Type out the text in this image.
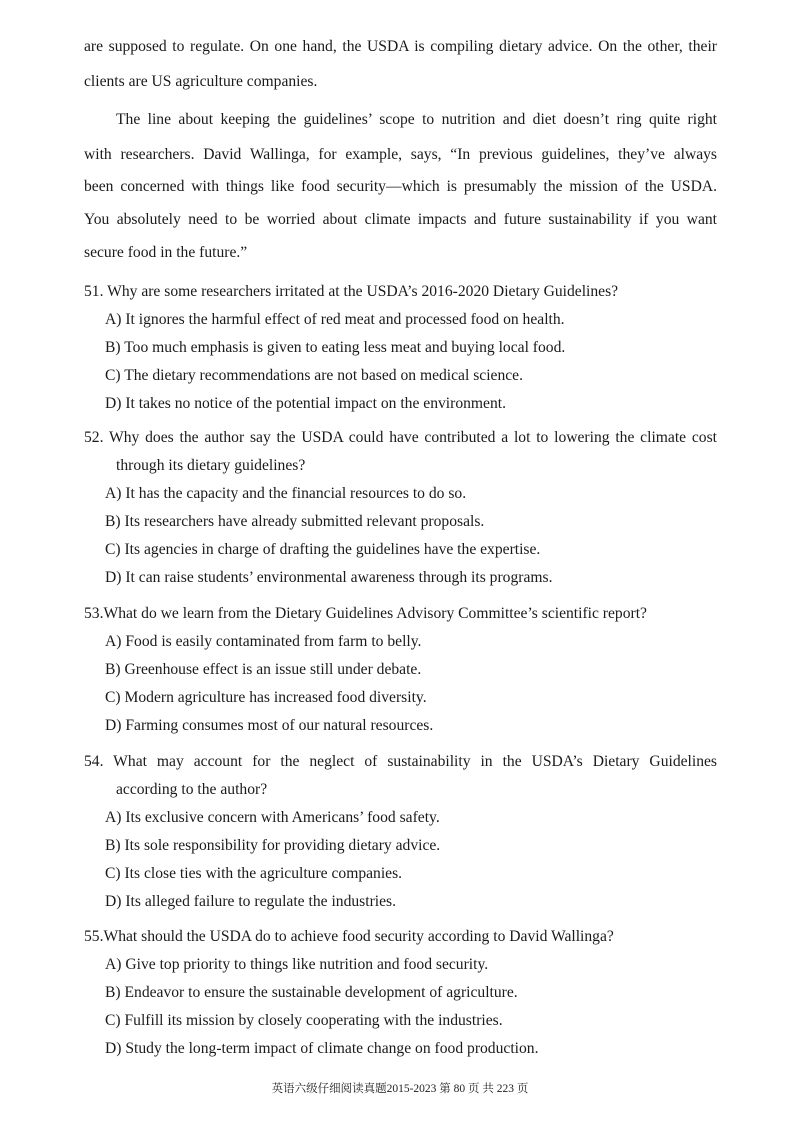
are supposed to regulate. On one hand, the USDA is compiling dietary advice. On the other, their
clients are US agriculture companies.
The line about keeping the guidelines’ scope to nutrition and diet doesn’t ring quite right
with researchers. David Wallinga, for example, says, “In previous guidelines, they’ve always
been concerned with things like food security—which is presumably the mission of the USDA.
You absolutely need to be worried about climate impacts and future sustainability if you want
secure food in the future.”
51. Why are some researchers irritated at the USDA’s 2016-2020 Dietary Guidelines?
A) It ignores the harmful effect of red meat and processed food on health.
B) Too much emphasis is given to eating less meat and buying local food.
C) The dietary recommendations are not based on medical science.
D) It takes no notice of the potential impact on the environment.
52. Why does the author say the USDA could have contributed a lot to lowering the climate cost
through its dietary guidelines?
A) It has the capacity and the financial resources to do so.
B) Its researchers have already submitted relevant proposals.
C) Its agencies in charge of drafting the guidelines have the expertise.
D) It can raise students’ environmental awareness through its programs.
53.What do we learn from the Dietary Guidelines Advisory Committee’s scientific report?
A) Food is easily contaminated from farm to belly.
B) Greenhouse effect is an issue still under debate.
C) Modern agriculture has increased food diversity.
D) Farming consumes most of our natural resources.
54. What may account for the neglect of sustainability in the USDA’s Dietary Guidelines
according to the author?
A) Its exclusive concern with Americans’ food safety.
B) Its sole responsibility for providing dietary advice.
C) Its close ties with the agriculture companies.
D) Its alleged failure to regulate the industries.
55.What should the USDA do to achieve food security according to David Wallinga?
A) Give top priority to things like nutrition and food security.
B) Endeavor to ensure the sustainable development of agriculture.
C) Fulfill its mission by closely cooperating with the industries.
D) Study the long-term impact of climate change on food production.
英语六级仔细阅读真题2015-2023 第 80 页 共 223 页
